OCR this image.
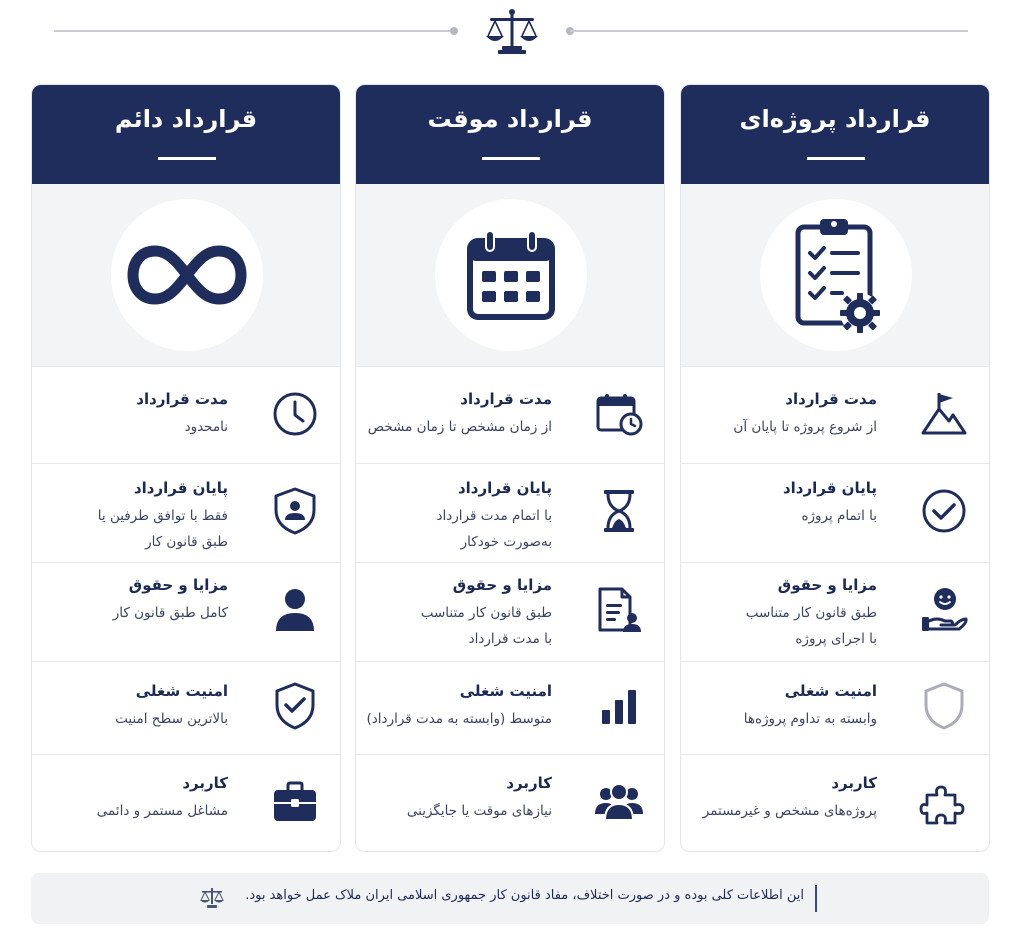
قرارداد پروژه‌ای
مدت قرارداد
از شروع پروژه تا پایان آن
پایان قرارداد
با اتمام پروژه
مزایا و حقوق
طبق قانون کار متناسب
با اجرای پروژه
امنیت شغلی
وابسته به تداوم پروژه‌ها
کاربرد
پروژه‌های مشخص و غیرمستمر
قرارداد موقت
مدت قرارداد
از زمان مشخص تا زمان مشخص
پایان قرارداد
با اتمام مدت قرارداد
به‌صورت خودکار
مزایا و حقوق
طبق قانون کار متناسب
با مدت قرارداد
امنیت شغلی
متوسط (وابسته به مدت قرارداد)
کاربرد
نیازهای موقت یا جایگزینی
قرارداد دائم
مدت قرارداد
نامحدود
پایان قرارداد
فقط با توافق طرفین یا
طبق قانون کار
مزایا و حقوق
کامل طبق قانون کار
امنیت شغلی
بالاترین سطح امنیت
کاربرد
مشاغل مستمر و دائمی
این اطلاعات کلی بوده و در صورت اختلاف، مفاد قانون کار جمهوری اسلامی ایران ملاک عمل خواهد بود.
